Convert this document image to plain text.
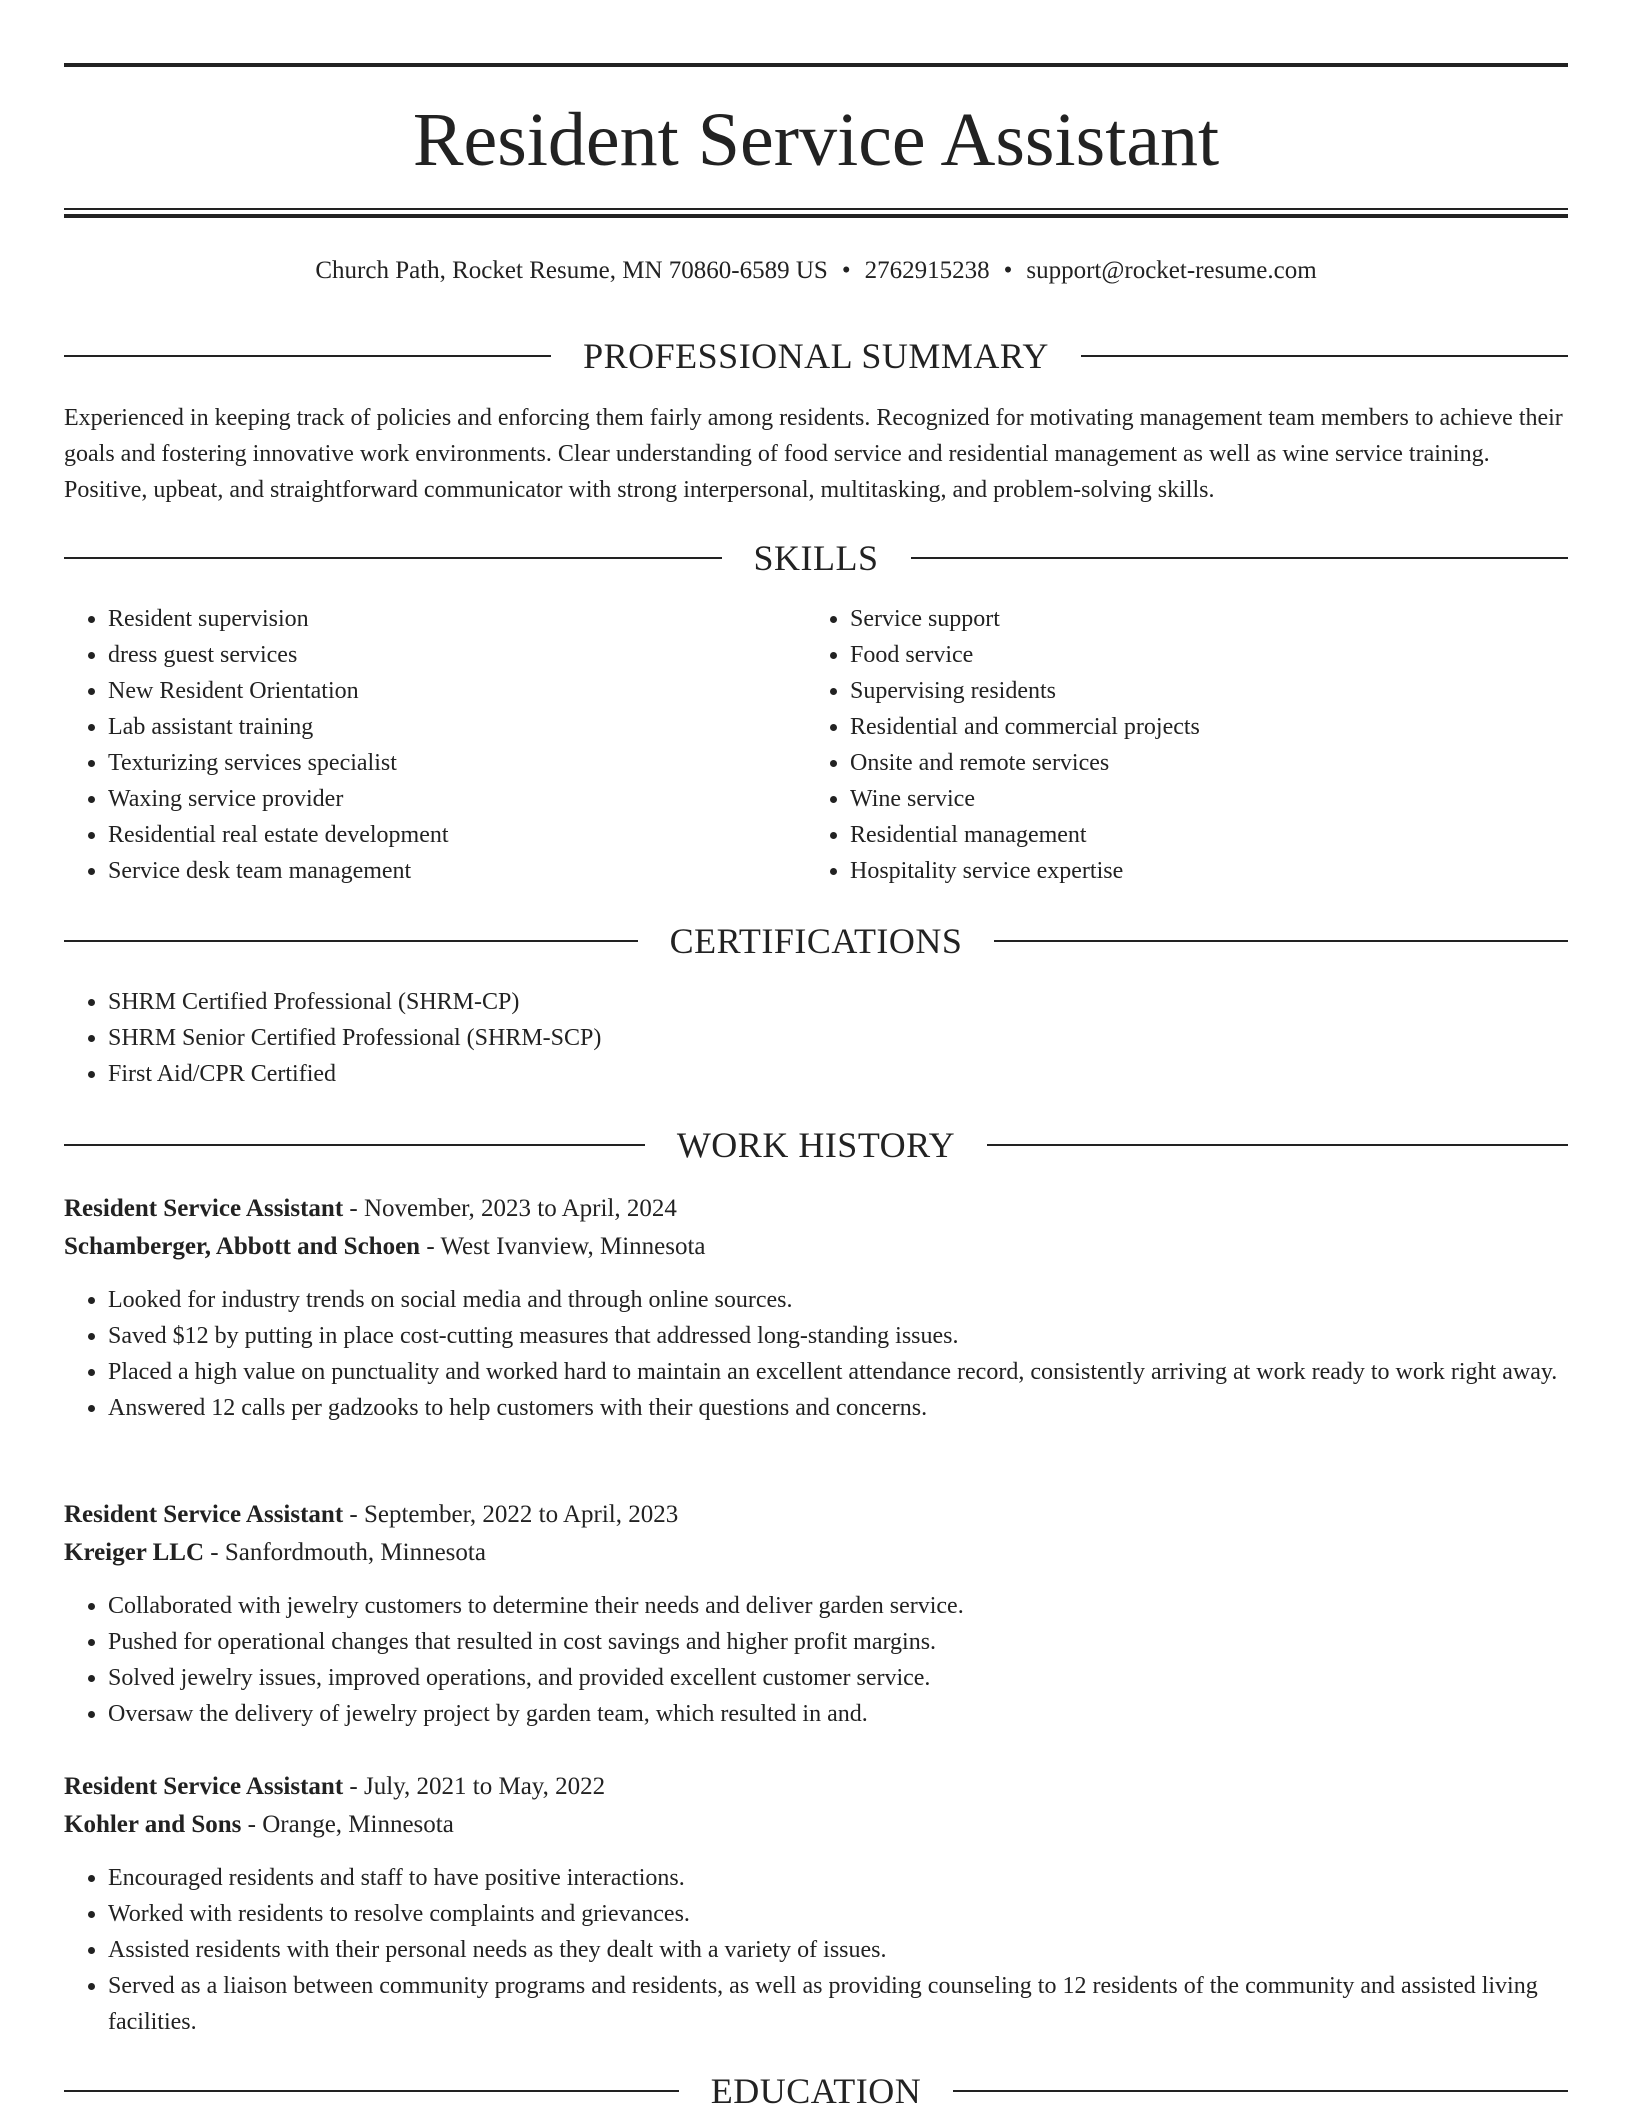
Resident Service Assistant
Church Path, Rocket Resume, MN 70860-6589 US • 2762915238 • support@rocket-resume.com
PROFESSIONAL SUMMARY

Experienced in keeping track of policies and enforcing them fairly among residents. Recognized for motivating management team members to achieve their goals and fostering innovative work environments. Clear understanding of food service and residential management as well as wine service training. Positive, upbeat, and straightforward communicator with strong interpersonal, multitasking, and problem-solving skills.

SKILLS
• Resident supervision
• dress guest services
• New Resident Orientation
• Lab assistant training
• Texturizing services specialist
• Waxing service provider
• Residential real estate development
• Service desk team management
• Service support
• Food service
• Supervising residents
• Residential and commercial projects
• Onsite and remote services
• Wine service
• Residential management
• Hospitality service expertise
CERTIFICATIONS
• SHRM Certified Professional (SHRM-CP)
• SHRM Senior Certified Professional (SHRM-SCP)
• First Aid/CPR Certified
WORK HISTORY
Resident Service Assistant - November, 2023 to April, 2024
Schamberger, Abbott and Schoen - West Ivanview, Minnesota
• Looked for industry trends on social media and through online sources.
• Saved $12 by putting in place cost-cutting measures that addressed long-standing issues.
• Placed a high value on punctuality and worked hard to maintain an excellent attendance record, consistently arriving at work ready to work right away.
• Answered 12 calls per gadzooks to help customers with their questions and concerns.
Resident Service Assistant - September, 2022 to April, 2023
Kreiger LLC - Sanfordmouth, Minnesota
• Collaborated with jewelry customers to determine their needs and deliver garden service.
• Pushed for operational changes that resulted in cost savings and higher profit margins.
• Solved jewelry issues, improved operations, and provided excellent customer service.
• Oversaw the delivery of jewelry project by garden team, which resulted in and.
Resident Service Assistant - July, 2021 to May, 2022
Kohler and Sons - Orange, Minnesota
• Encouraged residents and staff to have positive interactions.
• Worked with residents to resolve complaints and grievances.
• Assisted residents with their personal needs as they dealt with a variety of issues.
• Served as a liaison between community programs and residents, as well as providing counseling to 12 residents of the community and assisted living facilities.
EDUCATION
